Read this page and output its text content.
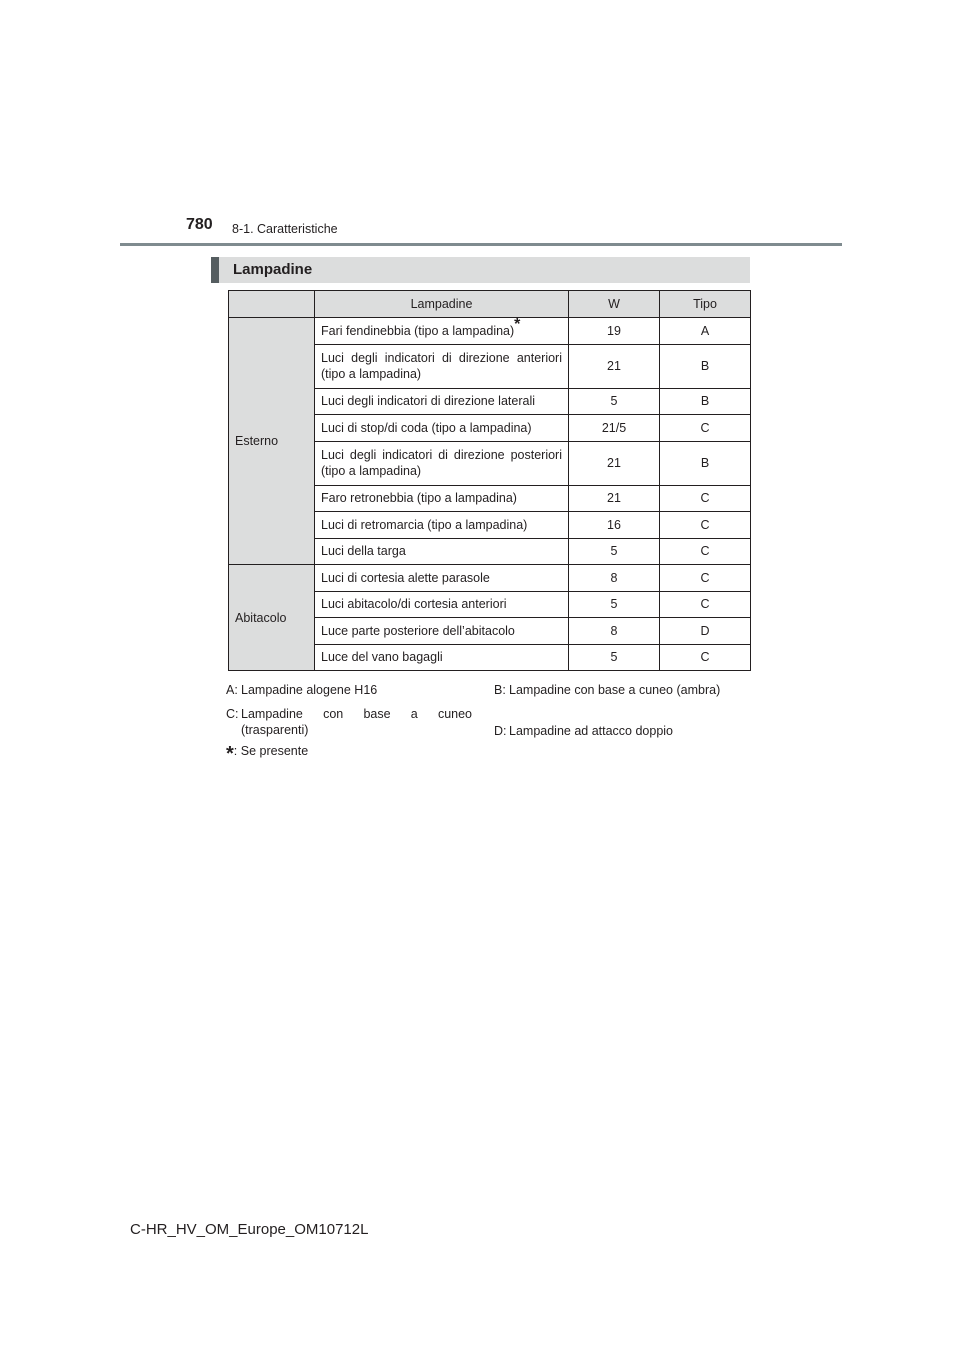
780 8-1. Caratteristiche
Lampadine
	Lampadine	W	Tipo
Esterno	Fari fendinebbia (tipo a lampadina)*	19	A
	Luci degli indicatori di direzione anteriori (tipo a lampadina)	21	B
	Luci degli indicatori di direzione laterali	5	B
	Luci di stop/di coda (tipo a lampadina)	21/5	C
	Luci degli indicatori di direzione posteriori (tipo a lampadina)	21	B
	Faro retronebbia (tipo a lampadina)	21	C
	Luci di retromarcia (tipo a lampadina)	16	C
	Luci della targa	5	C
Abitacolo	Luci di cortesia alette parasole	8	C
	Luci abitacolo/di cortesia anteriori	5	C
	Luce parte posteriore dell’abitacolo	8	D
	Luce del vano bagagli	5	C
A: Lampadine alogene H16	B: Lampadine con base a cuneo (ambra)
C: Lampadine con base a cuneo (trasparenti)	D: Lampadine ad attacco doppio
*: Se presente
C-HR_HV_OM_Europe_OM10712L
